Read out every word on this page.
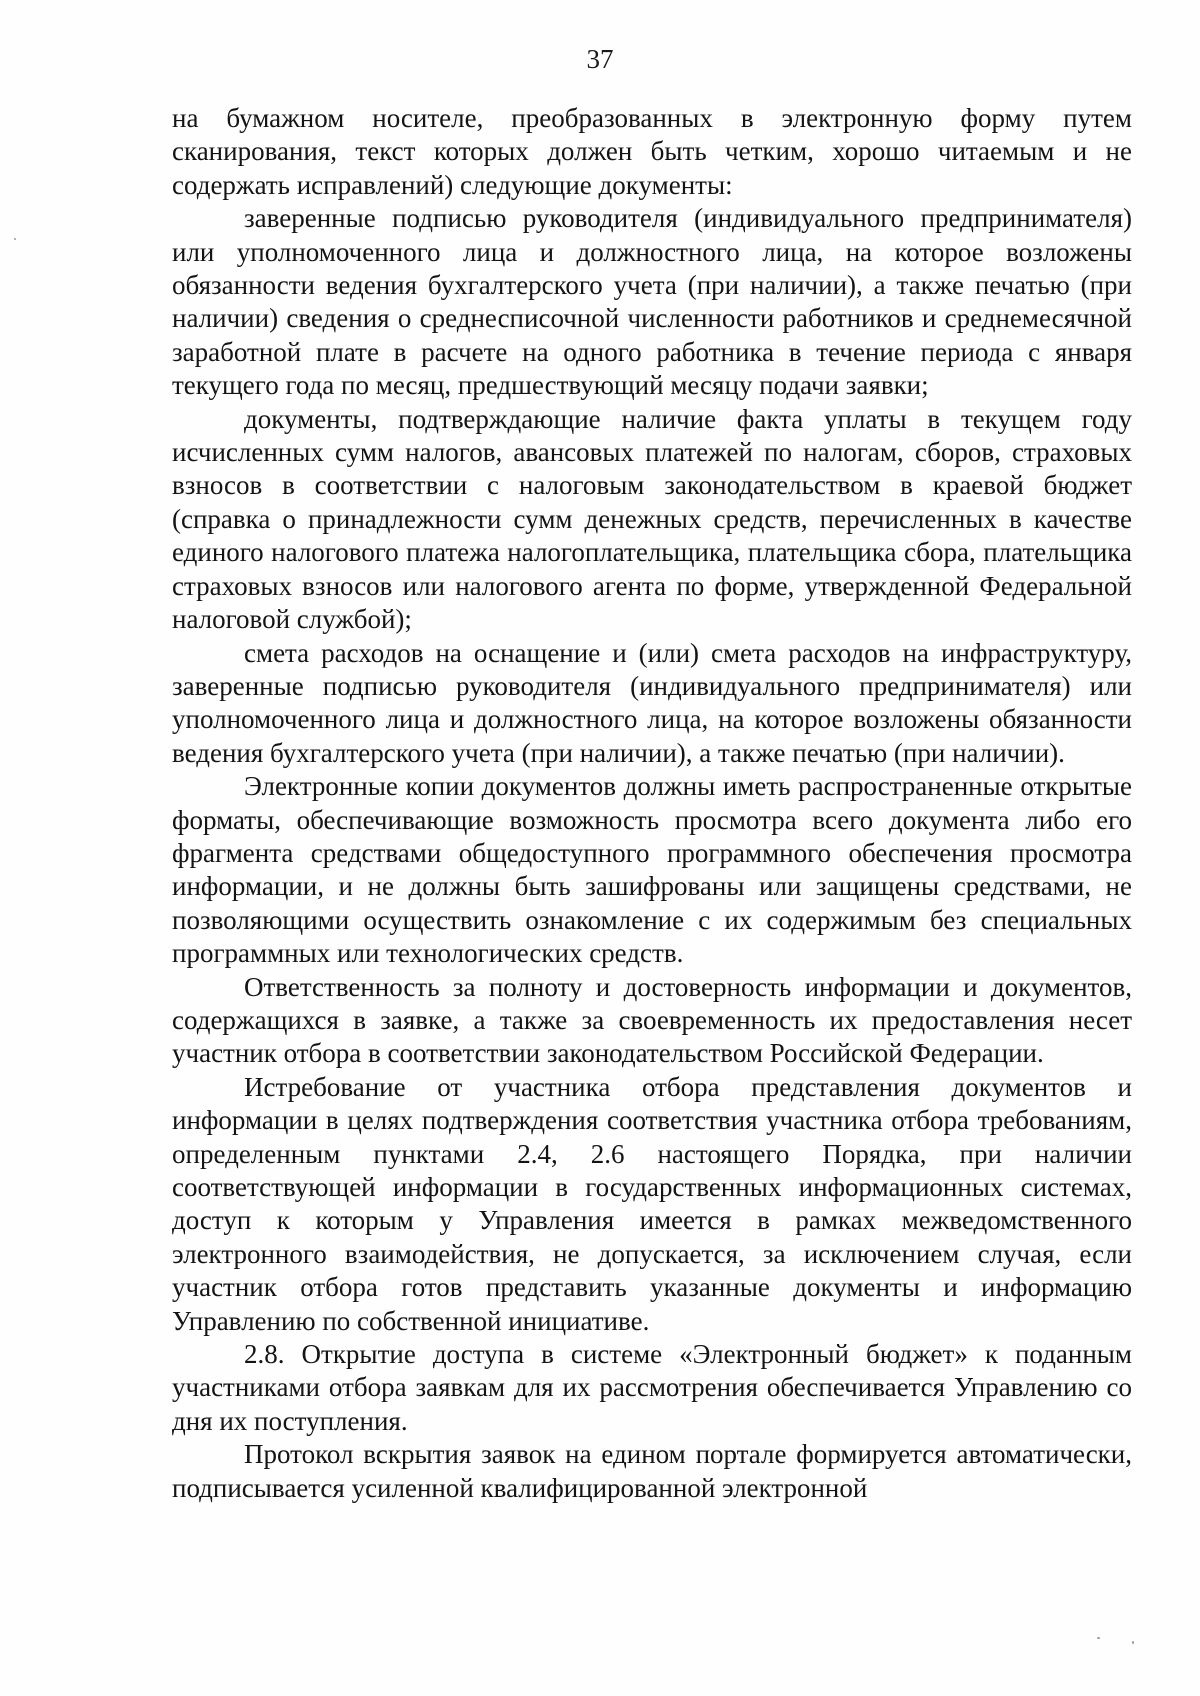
37

на бумажном носителе, преобразованных в электронную форму путем сканирования, текст которых должен быть четким, хорошо читаемым и не содержать исправлений) следующие документы:

заверенные подписью руководителя (индивидуального предпринимателя) или уполномоченного лица и должностного лица, на которое возложены обязанности ведения бухгалтерского учета (при наличии), а также печатью (при наличии) сведения о среднесписочной численности работников и среднемесячной заработной плате в расчете на одного работника в течение периода с января текущего года по месяц, предшествующий месяцу подачи заявки;

документы, подтверждающие наличие факта уплаты в текущем году исчисленных сумм налогов, авансовых платежей по налогам, сборов, страховых взносов в соответствии с налоговым законодательством в краевой бюджет (справка о принадлежности сумм денежных средств, перечисленных в качестве единого налогового платежа налогоплательщика, плательщика сбора, плательщика страховых взносов или налогового агента по форме, утвержденной Федеральной налоговой службой);

смета расходов на оснащение и (или) смета расходов на инфраструктуру, заверенные подписью руководителя (индивидуального предпринимателя) или уполномоченного лица и должностного лица, на которое возложены обязанности ведения бухгалтерского учета (при наличии), а также печатью (при наличии).

Электронные копии документов должны иметь распространенные открытые форматы, обеспечивающие возможность просмотра всего документа либо его фрагмента средствами общедоступного программного обеспечения просмотра информации, и не должны быть зашифрованы или защищены средствами, не позволяющими осуществить ознакомление с их содержимым без специальных программных или технологических средств.

Ответственность за полноту и достоверность информации и документов, содержащихся в заявке, а также за своевременность их предоставления несет участник отбора в соответствии законодательством Российской Федерации.

Истребование от участника отбора представления документов и информации в целях подтверждения соответствия участника отбора требованиям, определенным пунктами 2.4, 2.6 настоящего Порядка, при наличии соответствующей информации в государственных информационных системах, доступ к которым у Управления имеется в рамках межведомственного электронного взаимодействия, не допускается, за исключением случая, если участник отбора готов представить указанные документы и информацию Управлению по собственной инициативе.

2.8. Открытие доступа в системе «Электронный бюджет» к поданным участниками отбора заявкам для их рассмотрения обеспечивается Управлению со дня их поступления.

Протокол вскрытия заявок на едином портале формируется автоматически, подписывается усиленной квалифицированной электронной
